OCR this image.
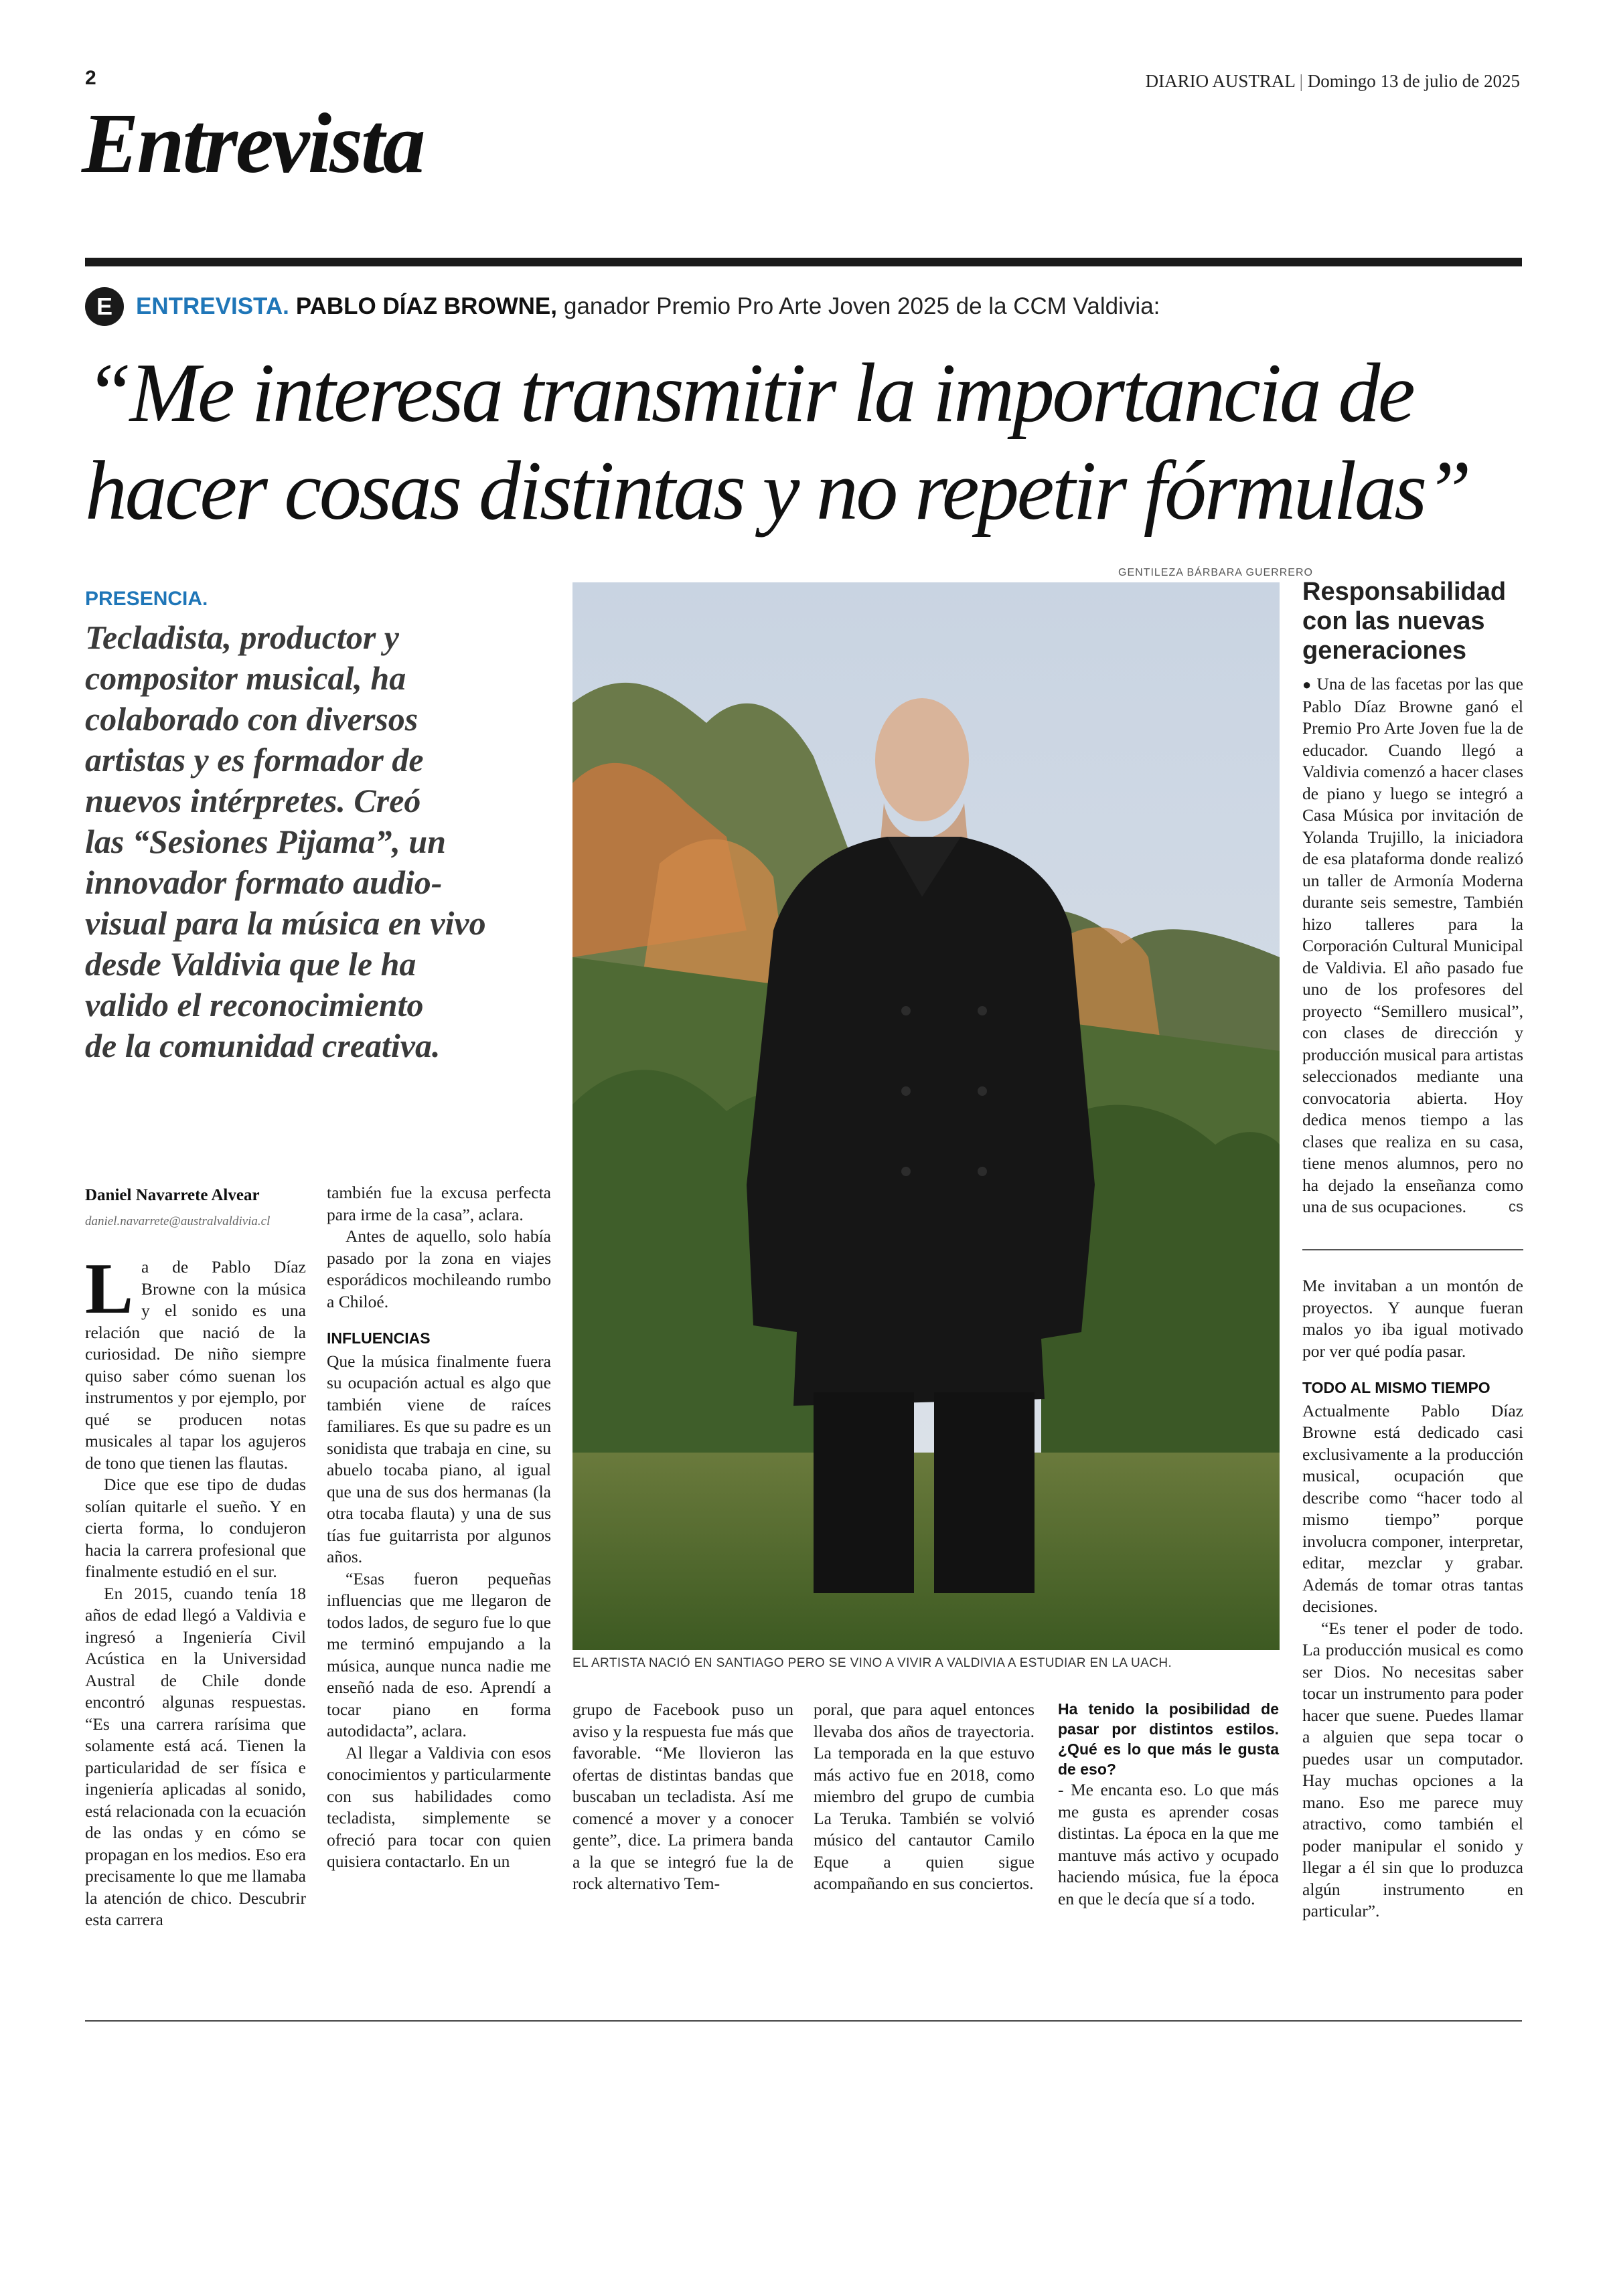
2	DIARIO AUSTRAL | Domingo 13 de julio de 2025
Entrevista
E	ENTREVISTA. PABLO DÍAZ BROWNE, ganador Premio Pro Arte Joven 2025 de la CCM Valdivia:
“Me interesa transmitir la importancia de
hacer cosas distintas y no repetir fórmulas”
PRESENCIA.
Tecladista, productor y
compositor musical, ha
colaborado con diversos
artistas y es formador de
nuevos intérpretes. Creó
las “Sesiones Pijama”, un
innovador formato audio-
visual para la música en vivo
desde Valdivia que le ha
valido el reconocimiento
de la comunidad creativa.
GENTILEZA BÁRBARA GUERRERO
EL ARTISTA NACIÓ EN SANTIAGO PERO SE VINO A VIVIR A VALDIVIA A ESTUDIAR EN LA UACH.
Daniel Navarrete Alvear
daniel.navarrete@australvaldivia.cl

La de Pablo Díaz Browne con la música y el sonido es una relación que nació de la curiosidad. De niño siempre quiso saber cómo suenan los instrumentos y por ejemplo, por qué se producen notas musicales al tapar los agujeros de tono que tienen las flautas.

Dice que ese tipo de dudas solían quitarle el sueño. Y en cierta forma, lo condujeron hacia la carrera profesional que finalmente estudió en el sur.

En 2015, cuando tenía 18 años de edad llegó a Valdivia e ingresó a Ingeniería Civil Acústica en la Universidad Austral de Chile donde encontró algunas respuestas. “Es una carrera rarísima que solamente está acá. Tienen la particularidad de ser física e ingeniería aplicadas al sonido, está relacionada con la ecuación de las ondas y en cómo se propagan en los medios. Eso era precisamente lo que me llamaba la atención de chico. Descubrir esta carrera

también fue la excusa perfecta para irme de la casa”, aclara.

Antes de aquello, solo había pasado por la zona en viajes esporádicos mochileando rumbo a Chiloé.

INFLUENCIAS

Que la música finalmente fuera su ocupación actual es algo que también viene de raíces familiares. Es que su padre es un sonidista que trabaja en cine, su abuelo tocaba piano, al igual que una de sus dos hermanas (la otra tocaba flauta) y una de sus tías fue guitarrista por algunos años.

“Esas fueron pequeñas influencias que me llegaron de todos lados, de seguro fue lo que me terminó empujando a la música, aunque nunca nadie me enseñó nada de eso. Aprendí a tocar piano en forma autodidacta”, aclara.

Al llegar a Valdivia con esos conocimientos y particularmente con sus habilidades como tecladista, simplemente se ofreció para tocar con quien quisiera contactarlo. En un

grupo de Facebook puso un aviso y la respuesta fue más que favorable. “Me llovieron las ofertas de distintas bandas que buscaban un tecladista. Así me comencé a mover y a conocer gente”, dice. La primera banda a la que se integró fue la de rock alternativo Tem-

poral, que para aquel entonces llevaba dos años de trayectoria. La temporada en la que estuvo más activo fue en 2018, como miembro del grupo de cumbia La Teruka. También se volvió músico del cantautor Camilo Eque a quien sigue acompañando en sus conciertos.

Ha tenido la posibilidad de pasar por distintos estilos. ¿Qué es lo que más le gusta de eso?

- Me encanta eso. Lo que más me gusta es aprender cosas distintas. La época en la que me mantuve más activo y ocupado haciendo música, fue la época en que le decía que sí a todo.

Responsabilidad
con las nuevas
generaciones

● Una de las facetas por las que Pablo Díaz Browne ganó el Premio Pro Arte Joven fue la de educador. Cuando llegó a Valdivia comenzó a hacer clases de piano y luego se integró a Casa Música por invitación de Yolanda Trujillo, la iniciadora de esa plataforma donde realizó un taller de Armonía Moderna durante seis semestre, También hizo talleres para la Corporación Cultural Municipal de Valdivia. El año pasado fue uno de los profesores del proyecto “Semillero musical”, con clases de dirección y producción musical para artistas seleccionados mediante una convocatoria abierta. Hoy dedica menos tiempo a las clases que realiza en su casa, tiene menos alumnos, pero no ha dejado la enseñanza como una de sus ocupaciones.	cs

Me invitaban a un montón de proyectos. Y aunque fueran malos yo iba igual motivado por ver qué podía pasar.

TODO AL MISMO TIEMPO

Actualmente Pablo Díaz Browne está dedicado casi exclusivamente a la producción musical, ocupación que describe como “hacer todo al mismo tiempo” porque involucra componer, interpretar, editar, mezclar y grabar. Además de tomar otras tantas decisiones.

“Es tener el poder de todo. La producción musical es como ser Dios. No necesitas saber tocar un instrumento para poder hacer que suene. Puedes llamar a alguien que sepa tocar o puedes usar un computador. Hay muchas opciones a la mano. Eso me parece muy atractivo, como también el poder manipular el sonido y llegar a él sin que lo produzca algún instrumento en particular”.
